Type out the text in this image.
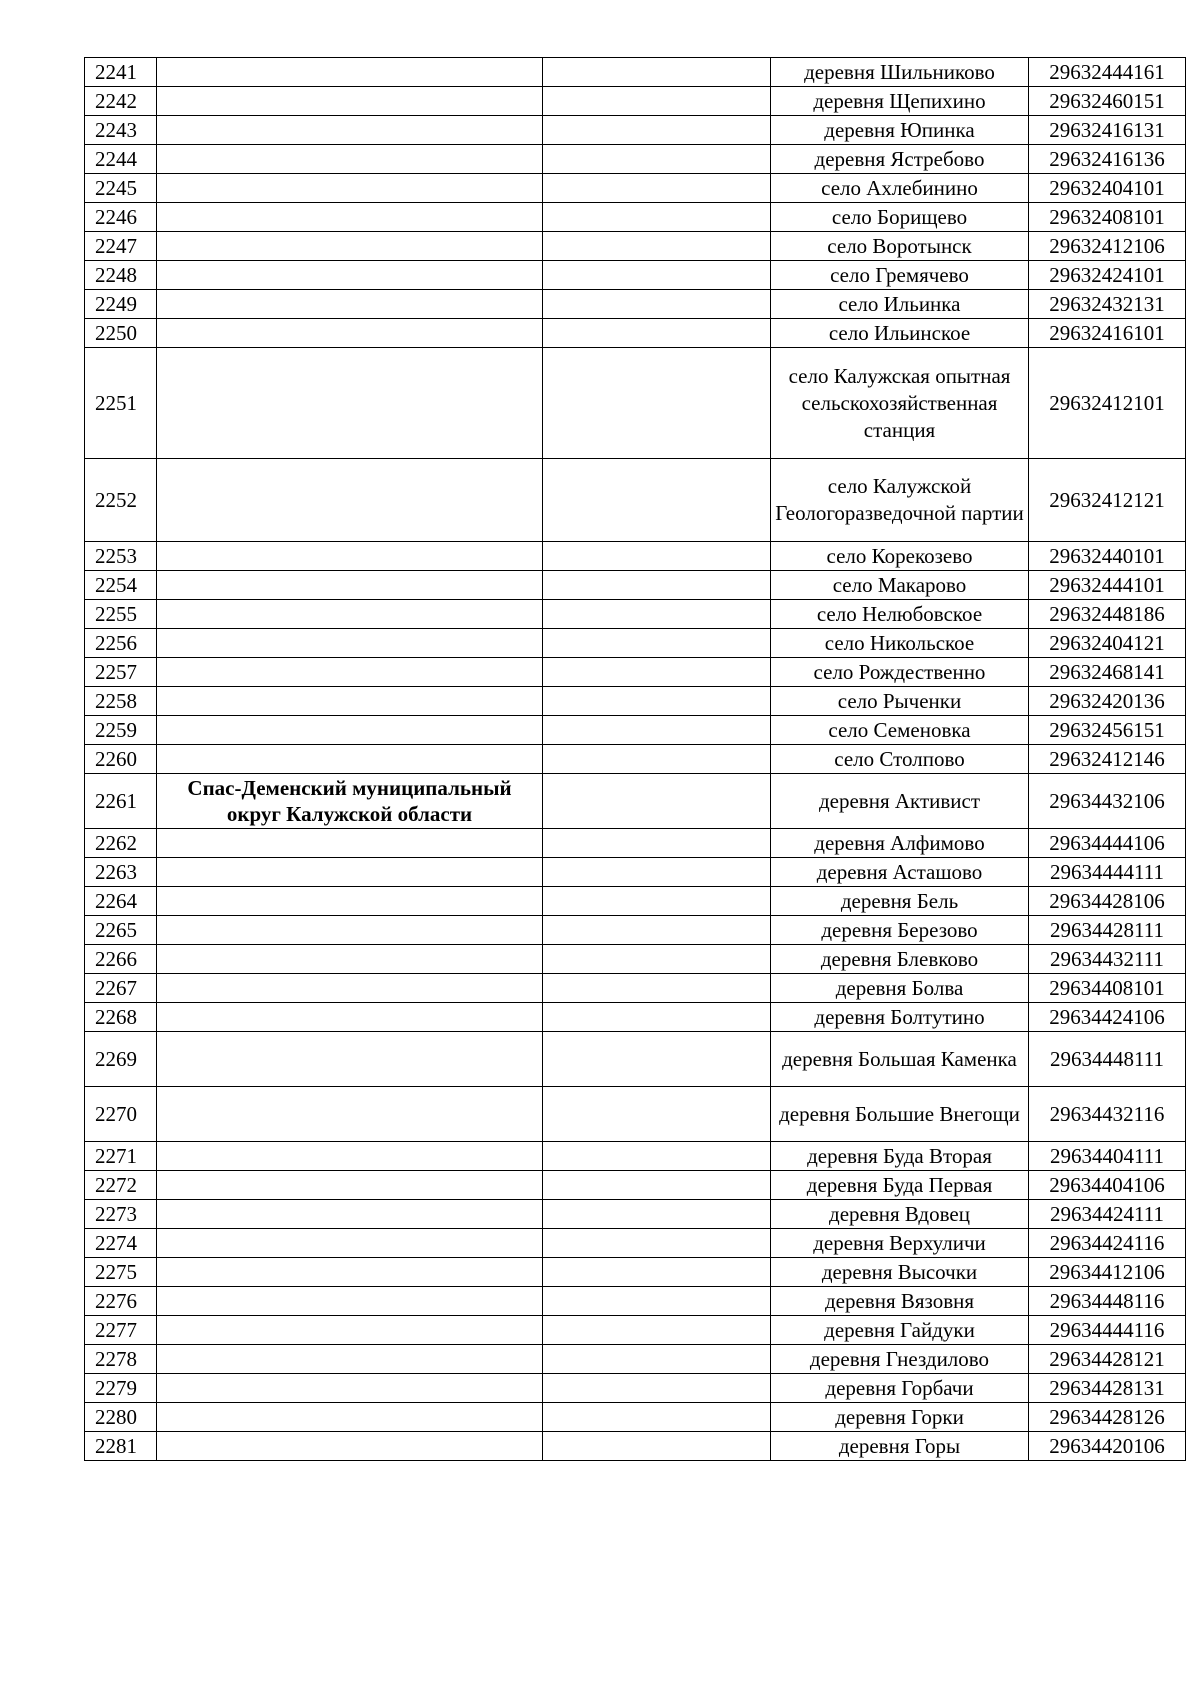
2241			деревня Шильниково	29632444161
2242			деревня Щепихино	29632460151
2243			деревня Юпинка	29632416131
2244			деревня Ястребово	29632416136
2245			село Ахлебинино	29632404101
2246			село Борищево	29632408101
2247			село Воротынск	29632412106
2248			село Гремячево	29632424101
2249			село Ильинка	29632432131
2250			село Ильинское	29632416101
2251			село Калужская опытная сельскохозяйственная станция	29632412101
2252			село Калужской Геологоразведочной партии	29632412121
2253			село Корекозево	29632440101
2254			село Макарово	29632444101
2255			село Нелюбовское	29632448186
2256			село Никольское	29632404121
2257			село Рождественно	29632468141
2258			село Рыченки	29632420136
2259			село Семеновка	29632456151
2260			село Столпово	29632412146
2261	Спас-Деменский муниципальный округ Калужской области		деревня Активист	29634432106
2262			деревня Алфимово	29634444106
2263			деревня Асташово	29634444111
2264			деревня Бель	29634428106
2265			деревня Березово	29634428111
2266			деревня Блевково	29634432111
2267			деревня Болва	29634408101
2268			деревня Болтутино	29634424106
2269			деревня Большая Каменка	29634448111
2270			деревня Большие Внегощи	29634432116
2271			деревня Буда Вторая	29634404111
2272			деревня Буда Первая	29634404106
2273			деревня Вдовец	29634424111
2274			деревня Верхуличи	29634424116
2275			деревня Высочки	29634412106
2276			деревня Вязовня	29634448116
2277			деревня Гайдуки	29634444116
2278			деревня Гнездилово	29634428121
2279			деревня Горбачи	29634428131
2280			деревня Горки	29634428126
2281			деревня Горы	29634420106
